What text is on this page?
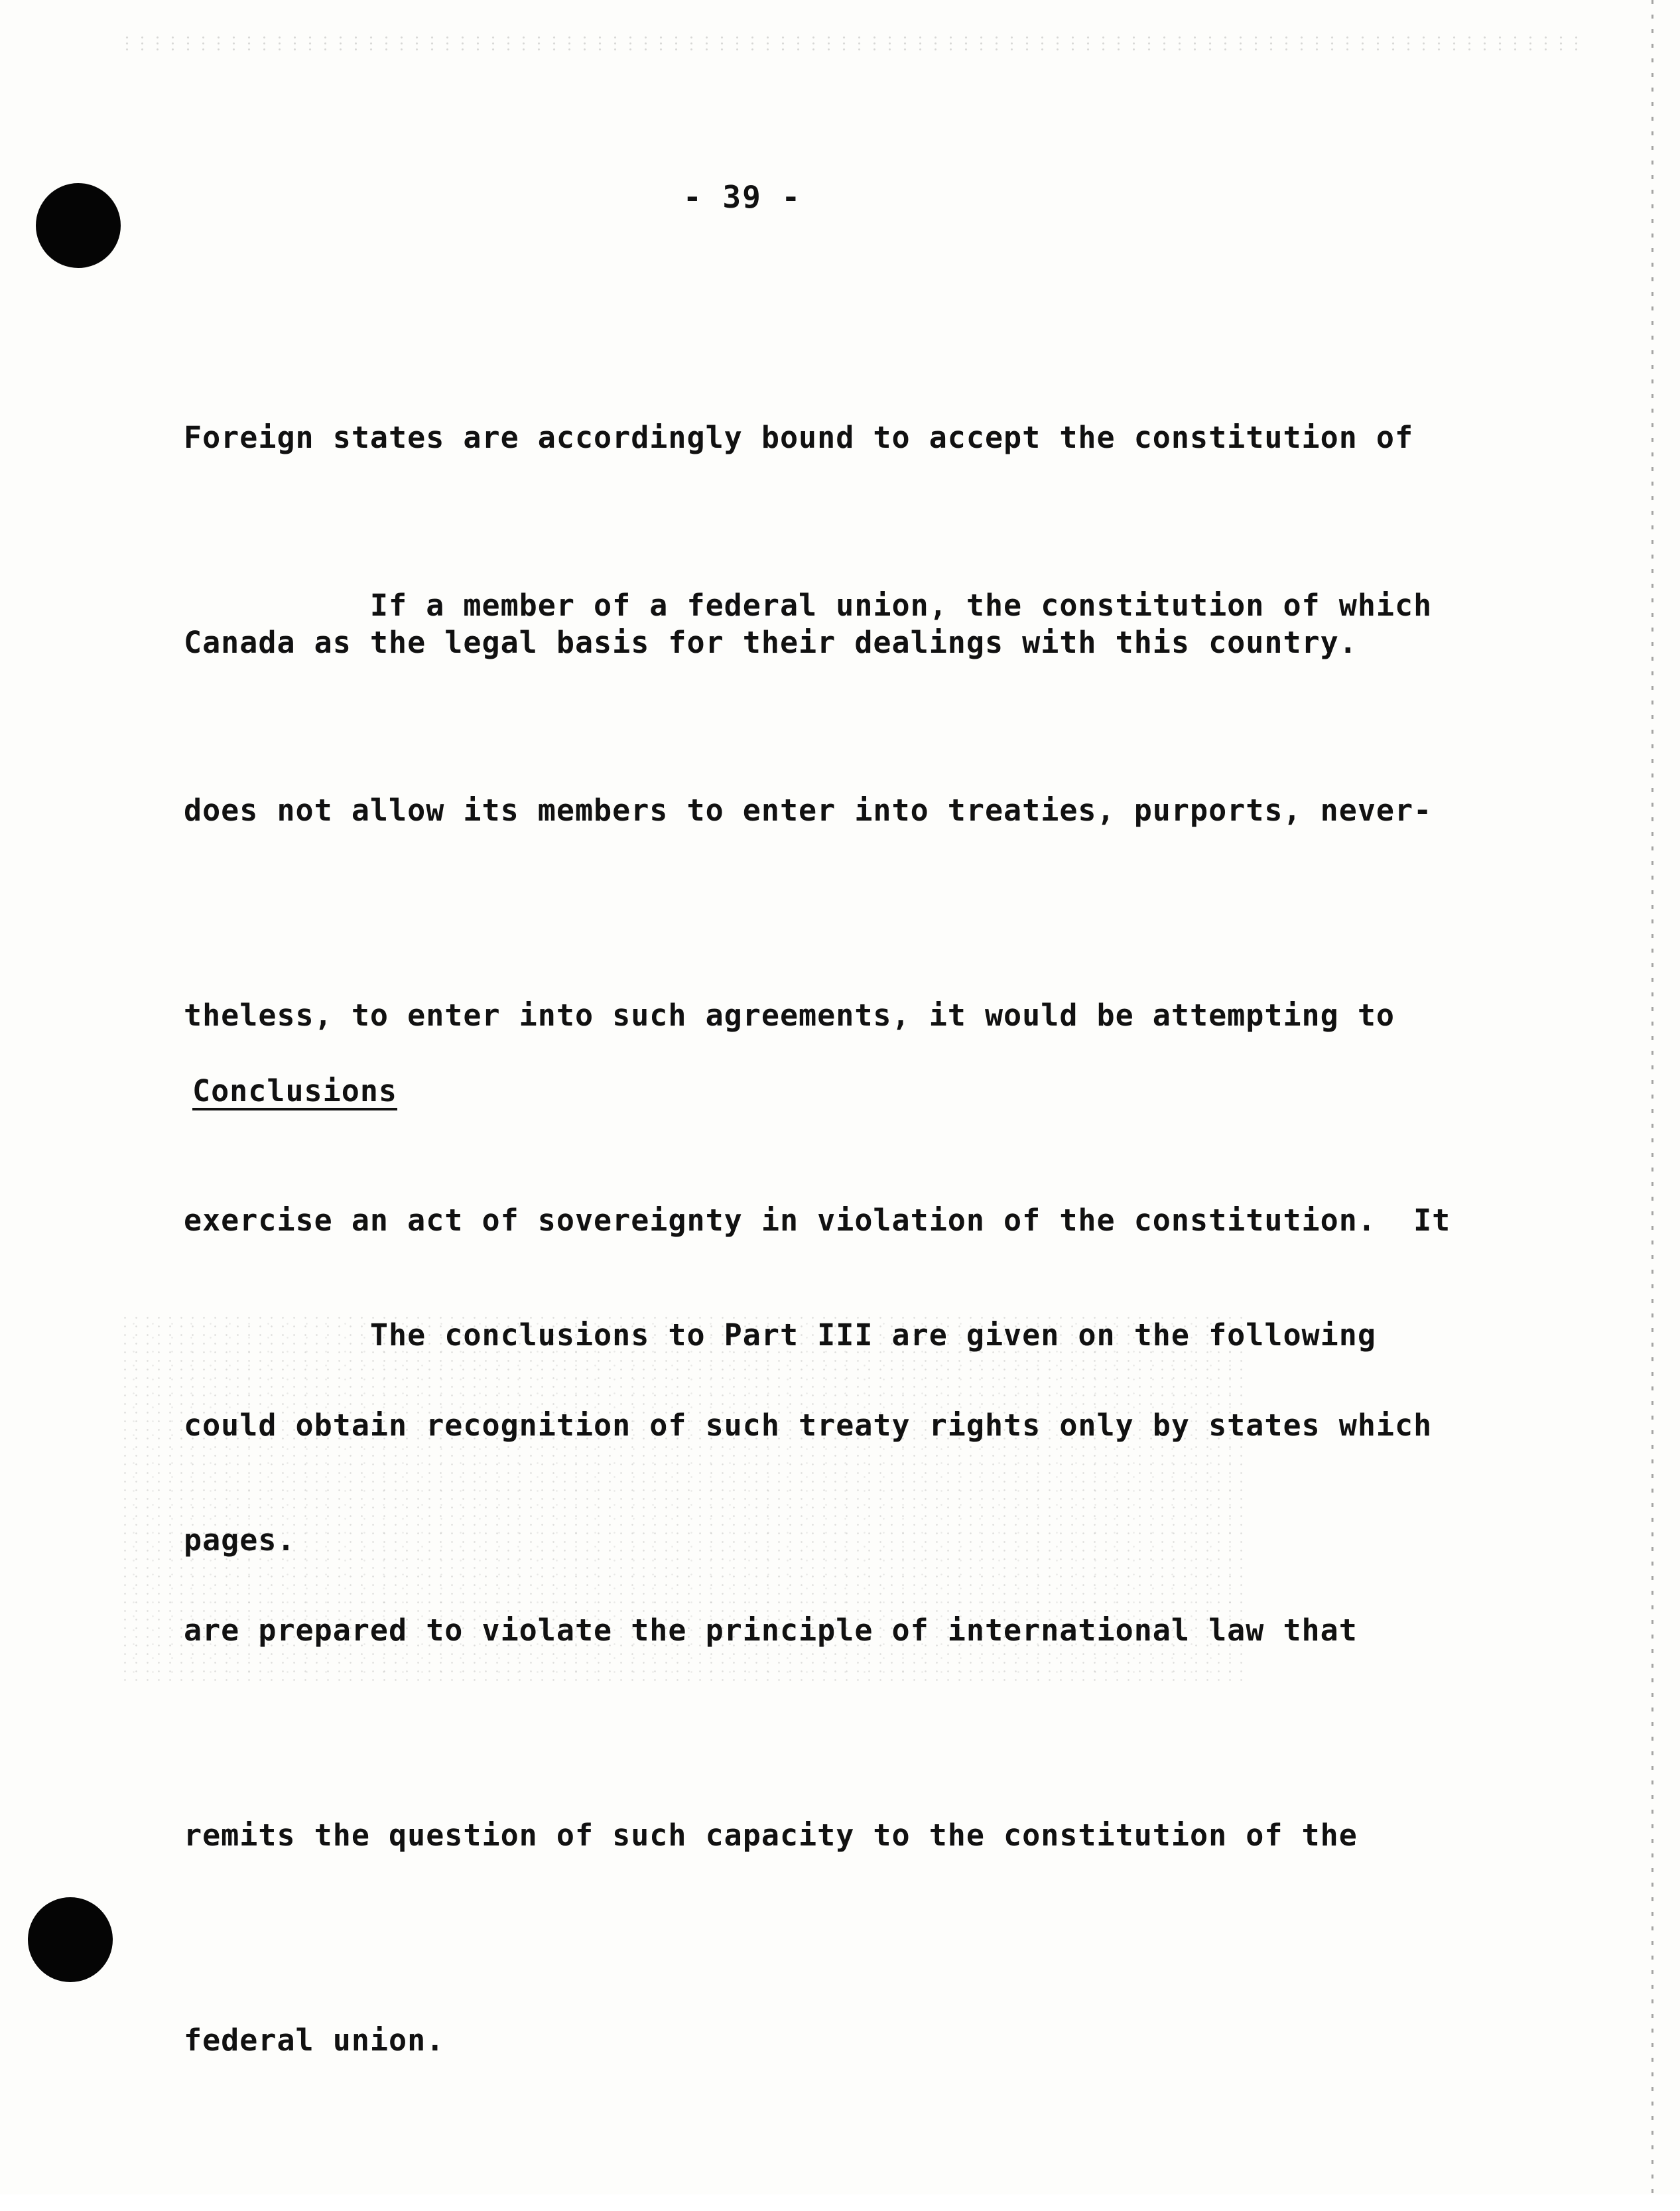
- 39 -

Foreign states are accordingly bound to accept the constitution of

Canada as the legal basis for their dealings with this country.

If a member of a federal union, the constitution of which

does not allow its members to enter into treaties, purports, never-

theless, to enter into such agreements, it would be attempting to

exercise an act of sovereignty in violation of the constitution.  It

could obtain recognition of such treaty rights only by states which

are prepared to violate the principle of international law that

remits the question of such capacity to the constitution of the

federal union.

Conclusions

The conclusions to Part III are given on the following

pages.
